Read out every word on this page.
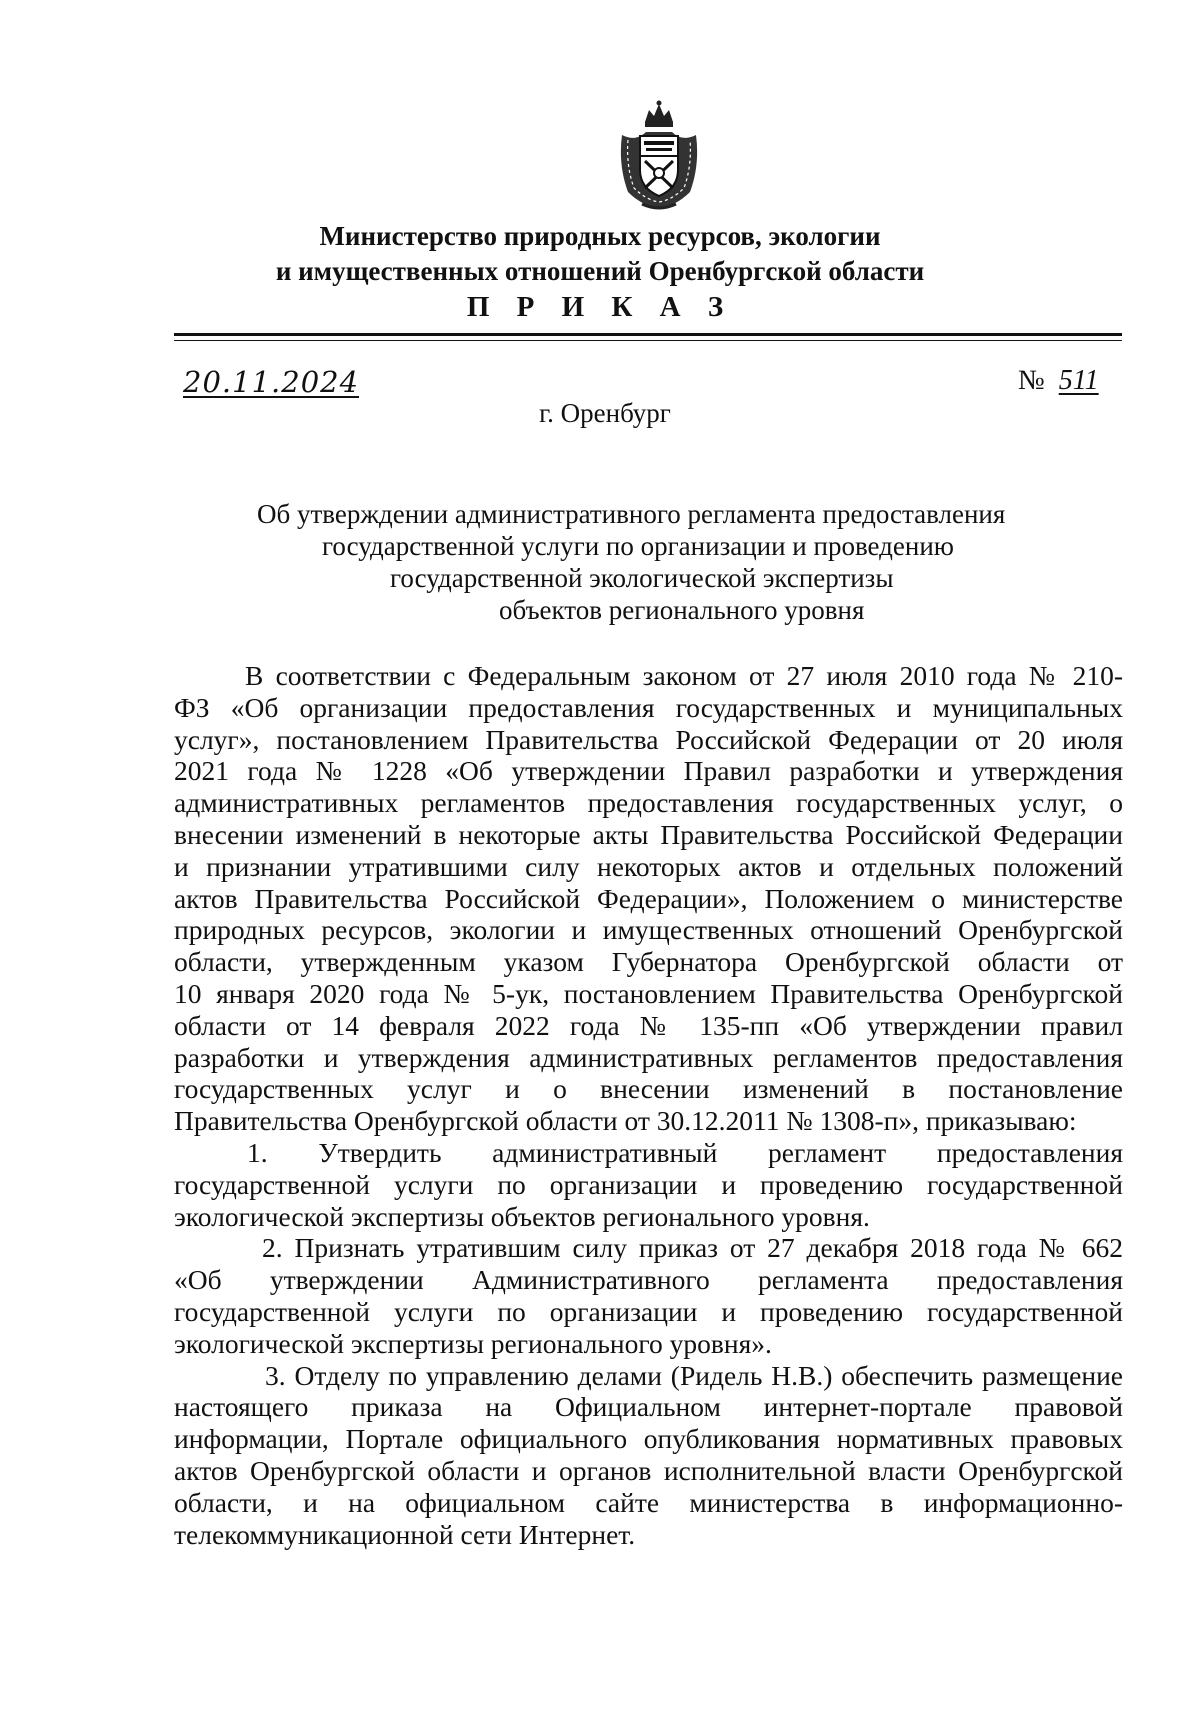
Министерство природных ресурсов, экологии
и имущественных отношений Оренбургской области
П Р И К А З
20.11.2024	№ 511
г. Оренбург
Об утверждении административного регламента предоставления
государственной услуги по организации и проведению
государственной экологической экспертизы
объектов регионального уровня
В соответствии с Федеральным законом от 27 июля 2010 года № 210-
ФЗ «Об организации предоставления государственных и муниципальных
услуг», постановлением Правительства Российской Федерации от 20 июля
2021 года № 1228 «Об утверждении Правил разработки и утверждения
административных регламентов предоставления государственных услуг, о
внесении изменений в некоторые акты Правительства Российской Федерации
и признании утратившими силу некоторых актов и отдельных положений
актов Правительства Российской Федерации», Положением о министерстве
природных ресурсов, экологии и имущественных отношений Оренбургской
области, утвержденным указом Губернатора Оренбургской области от
10 января 2020 года № 5-ук, постановлением Правительства Оренбургской
области от 14 февраля 2022 года № 135-пп «Об утверждении правил
разработки и утверждения административных регламентов предоставления
государственных услуг и о внесении изменений в постановление
Правительства Оренбургской области от 30.12.2011 № 1308-п», приказываю:
1. Утвердить административный регламент предоставления
государственной услуги по организации и проведению государственной
экологической экспертизы объектов регионального уровня.
2. Признать утратившим силу приказ от 27 декабря 2018 года № 662
«Об утверждении Административного регламента предоставления
государственной услуги по организации и проведению государственной
экологической экспертизы регионального уровня».
3. Отделу по управлению делами (Ридель Н.В.) обеспечить размещение
настоящего приказа на Официальном интернет-портале правовой
информации, Портале официального опубликования нормативных правовых
актов Оренбургской области и органов исполнительной власти Оренбургской
области, и на официальном сайте министерства в информационно-
телекоммуникационной сети Интернет.
